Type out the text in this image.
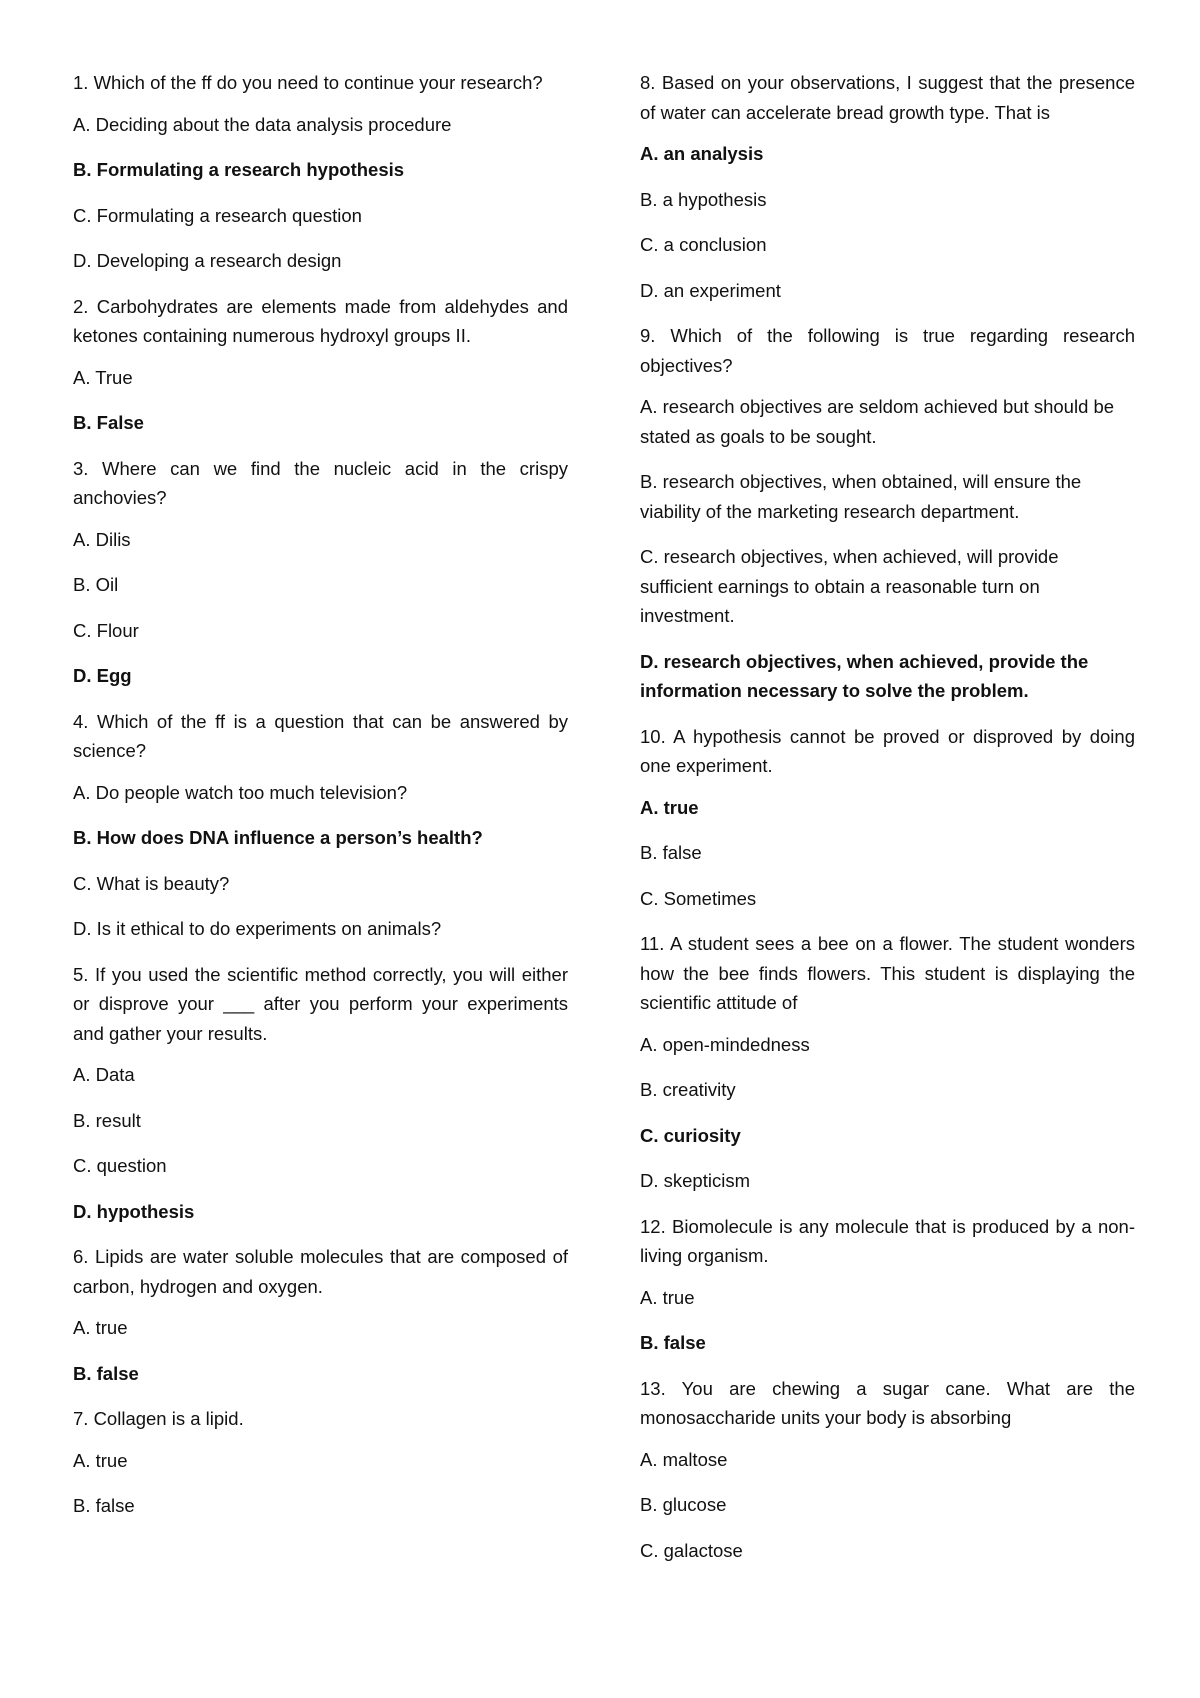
1. Which of the ff do you need to continue your research?

A. Deciding about the data analysis procedure

B. Formulating a research hypothesis

C. Formulating a research question

D. Developing a research design

2. Carbohydrates are elements made from aldehydes and ketones containing numerous hydroxyl groups II.

A. True

B. False

3. Where can we find the nucleic acid in the crispy anchovies?

A. Dilis

B. Oil

C. Flour

D. Egg

4. Which of the ff is a question that can be answered by science?

A. Do people watch too much television?

B. How does DNA influence a person’s health?

C. What is beauty?

D. Is it ethical to do experiments on animals?

5. If you used the scientific method correctly, you will either or disprove your ___ after you perform your experiments and gather your results.

A. Data

B. result

C. question

D. hypothesis

6. Lipids are water soluble molecules that are composed of carbon, hydrogen and oxygen.

A. true

B. false

7. Collagen is a lipid.

A. true

B. false

8. Based on your observations, I suggest that the presence of water can accelerate bread growth type. That is

A. an analysis

B. a hypothesis

C. a conclusion

D. an experiment

9. Which of the following is true regarding research objectives?

A. research objectives are seldom achieved but should be stated as goals to be sought.

B. research objectives, when obtained, will ensure the viability of the marketing research department.

C. research objectives, when achieved, will provide sufficient earnings to obtain a reasonable turn on investment.

D. research objectives, when achieved, provide the information necessary to solve the problem.

10. A hypothesis cannot be proved or disproved by doing one experiment.

A. true

B. false

C. Sometimes

11. A student sees a bee on a flower. The student wonders how the bee finds flowers. This student is displaying the scientific attitude of

A. open-mindedness

B. creativity

C. curiosity

D. skepticism

12. Biomolecule is any molecule that is produced by a non-living organism.

A. true

B. false

13. You are chewing a sugar cane. What are the monosaccharide units your body is absorbing

A. maltose

B. glucose

C. galactose
